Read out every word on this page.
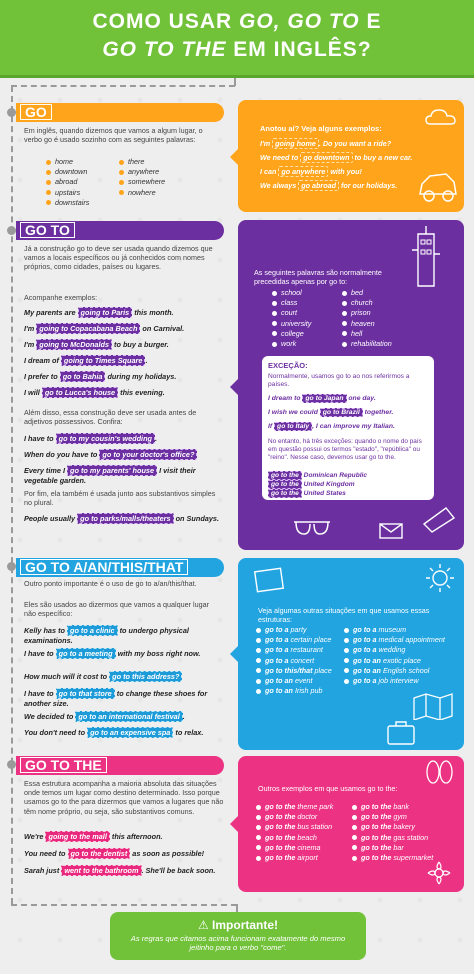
COMO USAR GO, GO TO E
GO TO THE EM INGLÊS?
GO
Em inglês, quando dizemos que vamos a algum lugar, o verbo go é usado sozinho com as seguintes palavras:
home
downtown
abroad
upstairs
downstairs
there
anywhere
somewhere
nowhere
Anotou aí? Veja alguns exemplos:
I'm going home . Do you want a ride?
We need to go downtown to buy a new car.
I can go anywhere with you!
We always go abroad for our holidays.
GO TO
Já a construção go to deve ser usada quando dizemos que vamos a locais específicos ou já conhecidos com nomes próprios, como cidades, países ou lugares.
Acompanhe exemplos:
My parents are going to Paris this month.
I'm going to Copacabana Beach on Carnival.
I'm going to McDonalds to buy a burger.
I dream of going to Times Square .
I prefer to go to Bahia during my holidays.
I will go to Lucca's house this evening.
Além disso, essa construção deve ser usada antes de adjetivos possessivos. Confira:
I have to go to my cousin's wedding .
When do you have to go to your doctor's office?
Every time I go to my parents' house I visit their vegetable garden.
Por fim, ela também é usada junto aos substantivos simples no plural.
People usually go to parks/malls/theaters on Sundays.
As seguintes palavras são normalmente precedidas apenas por go to:
school
class
court
university
college
work
bed
church
prison
heaven
hell
rehabilitation
EXCEÇÃO:
Normalmente, usamos go to ao nos referirmos a países.
I dream to go to Japan one day.
I wish we could go to Brazil together.
If go to Italy , I can improve my Italian.
No entanto, há três exceções: quando o nome do país em questão possui os termos "estado", "república" ou "reino". Nesse caso, devemos usar go to the.
go to the Dominican Republic
go to the United Kingdom
go to the United States
GO TO A/AN/THIS/THAT
Outro ponto importante é o uso de go to a/an/this/that.
Eles são usados ao dizermos que vamos a qualquer lugar não específico:
Kelly has to go to a clinic to undergo physical examinations.
I have to go to a meeting with my boss right now.
How much will it cost to go to this address?
I have to go to that store to change these shoes for another size.
We decided to go to an international festival .
You don't need to go to an expensive spa to relax.
Veja algumas outras situações em que usamos essas estruturas:
go to a party
go to a certain place
go to a restaurant
go to a concert
go to this/that place
go to an event
go to an Irish pub
go to a museum
go to a medical appointment
go to a wedding
go to an exotic place
go to an English school
go to a job interview
GO TO THE
Essa estrutura acompanha a maioria absoluta das situações onde temos um lugar como destino determinado. Isso porque usamos go to the para dizermos que vamos a lugares que não têm nome próprio, ou seja, são substantivos comuns.
We're going to the mall this afternoon.
You need to go to the dentist as soon as possible!
Sarah just went to the bathroom . She'll be back soon.
Outros exemplos em que usamos go to the:
go to the theme park
go to the doctor
go to the bus station
go to the beach
go to the cinema
go to the airport
go to the bank
go to the gym
go to the bakery
go to the gas station
go to the bar
go to the supermarket
⚠ Importante!
As regras que citamos acima funcionam exatamente do mesmo jeitinho para o verbo "come".
